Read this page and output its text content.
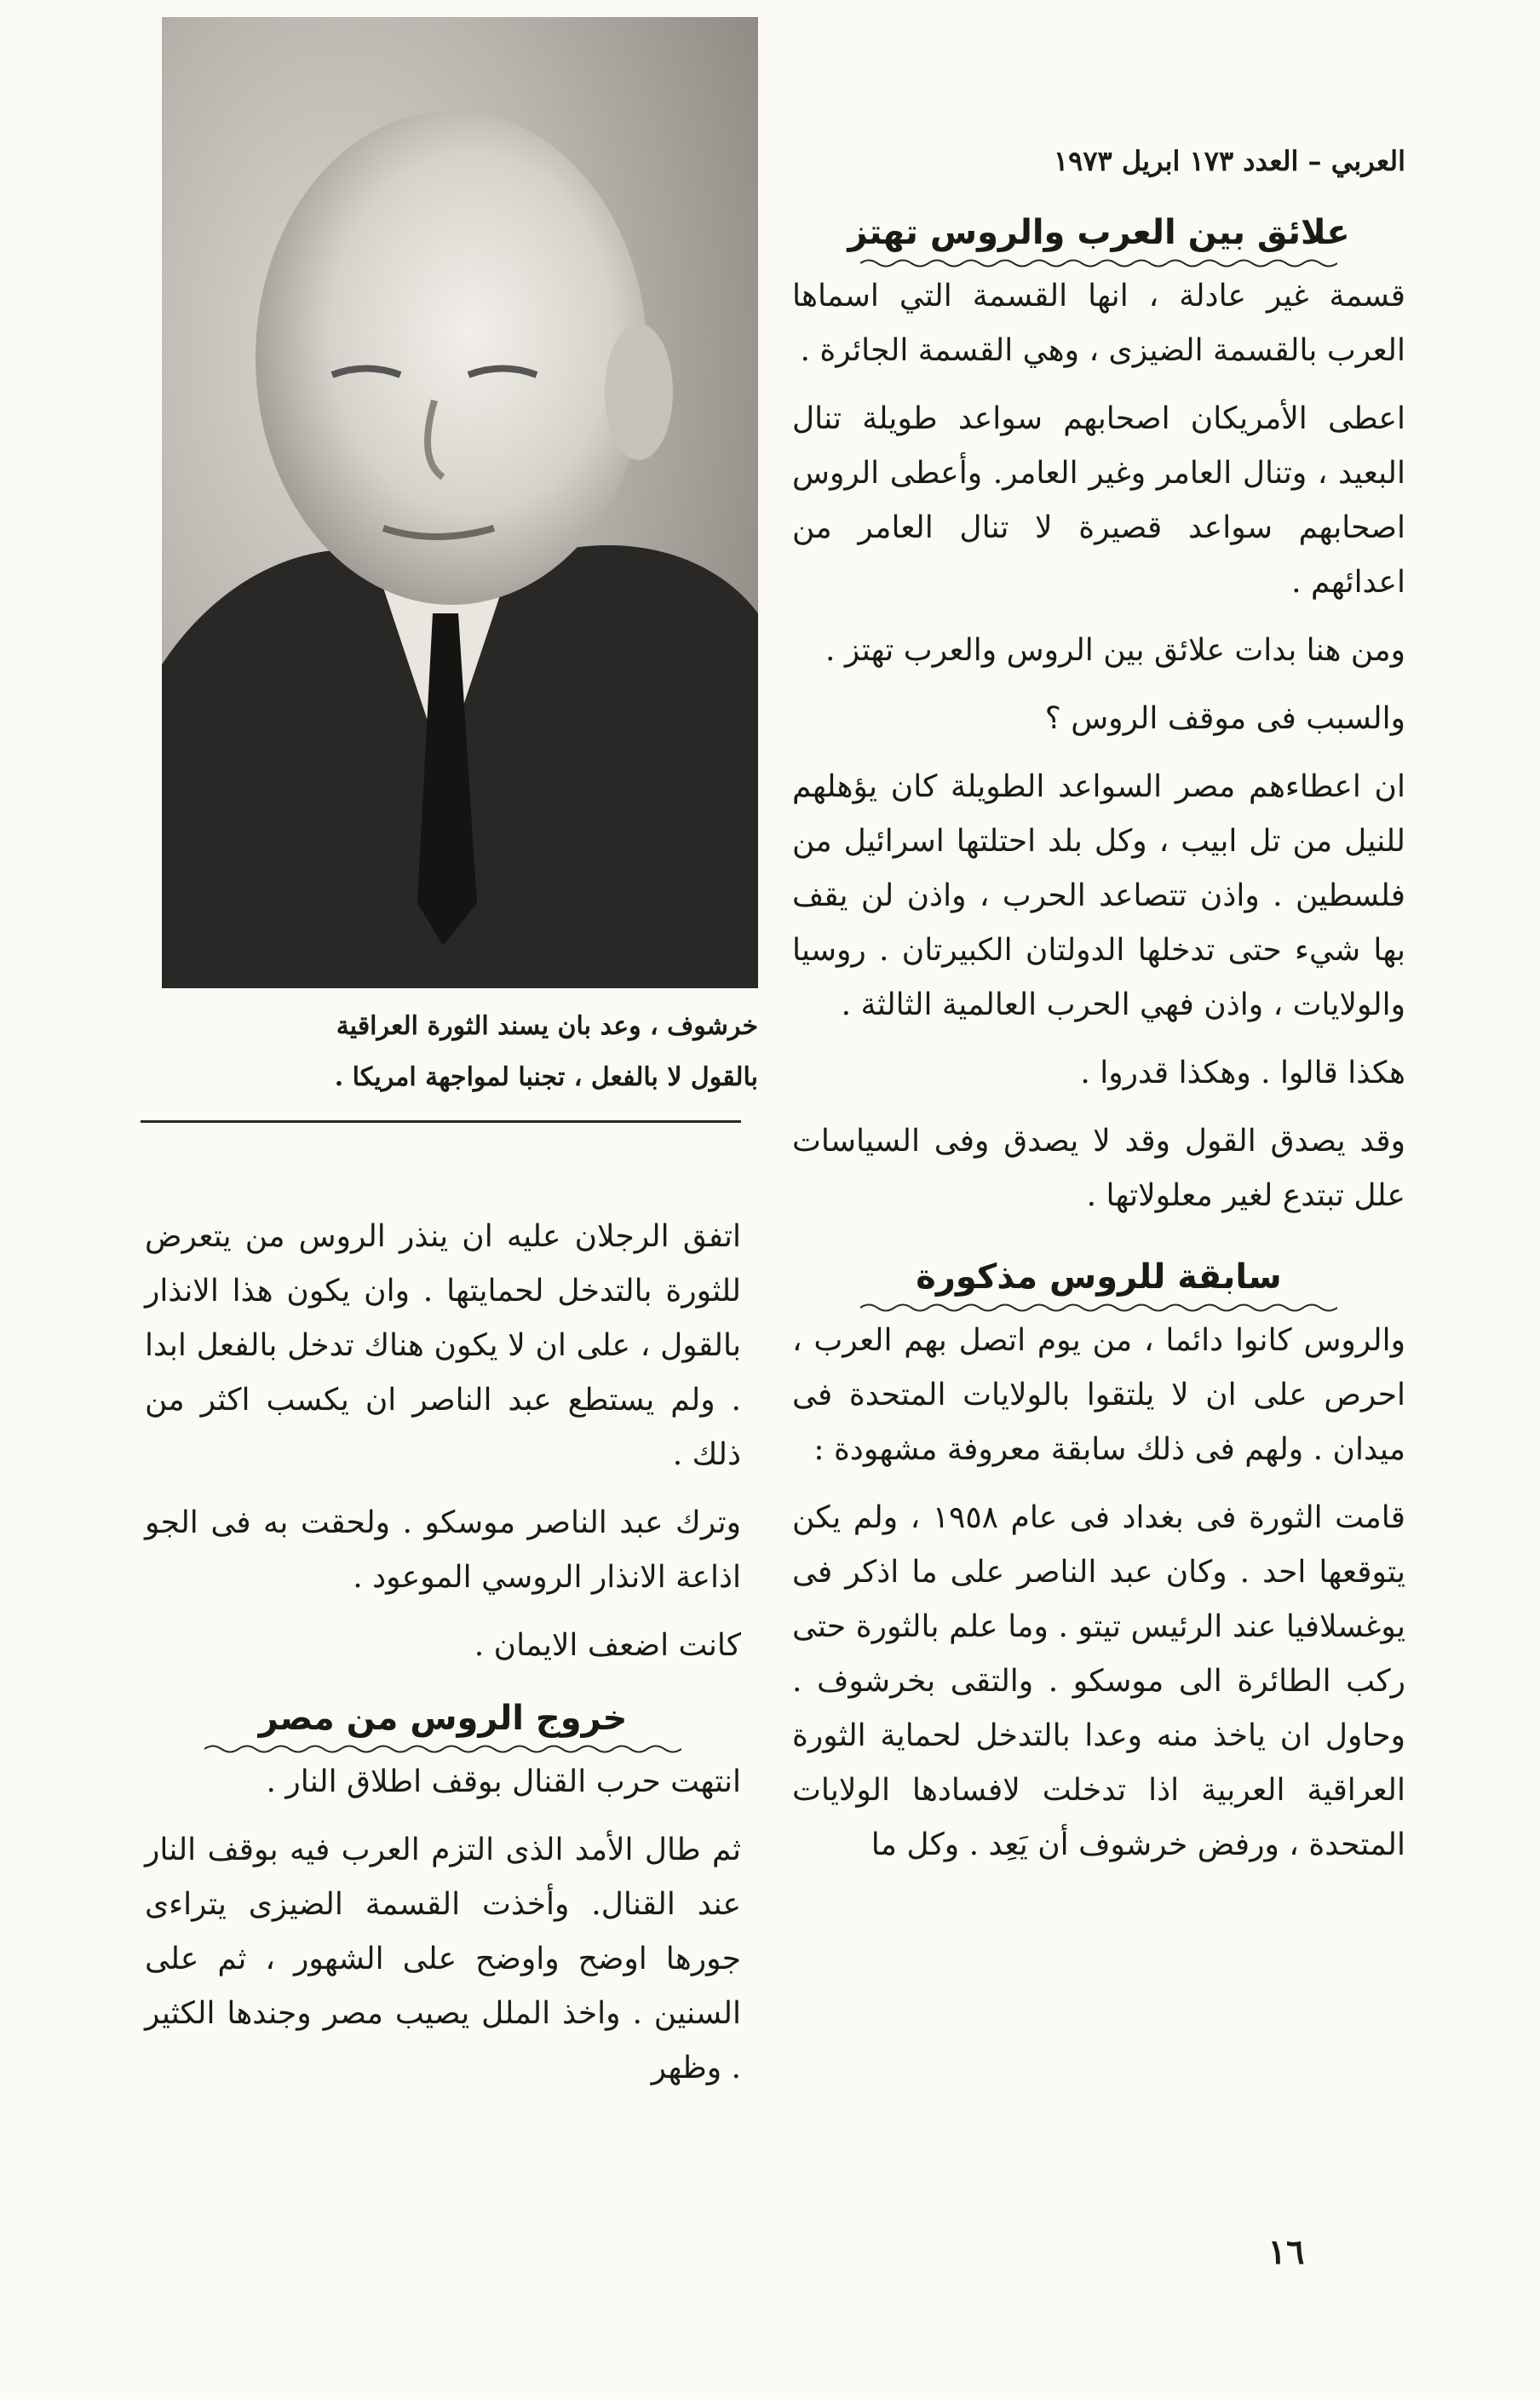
خرشوف ، وعد بان يسند الثورة العراقية
بالقول لا بالفعل ، تجنبا لمواجهة امريكا .
العربي – العدد ١٧٣ ابريل ١٩٧٣
علائق بين العرب والروس تهتز

قسمة غير عادلة ، انها القسمة التي اسماها العرب بالقسمة الضيزى ، وهي القسمة الجائرة .

اعطى الأمريكان اصحابهم سواعد طويلة تنال البعيد ، وتنال العامر وغير العامر. وأعطى الروس اصحابهم سواعد قصيرة لا تنال العامر من اعدائهم .

ومن هنا بدات علائق بين الروس والعرب تهتز .

والسبب فى موقف الروس ؟

ان اعطاءهم مصر السواعد الطويلة كان يؤهلهم للنيل من تل ابيب ، وكل بلد احتلتها اسرائيل من فلسطين . واذن تتصاعد الحرب ، واذن لن يقف بها شيء حتى تدخلها الدولتان الكبيرتان . روسيا والولايات ، واذن فهي الحرب العالمية الثالثة .

هكذا قالوا . وهكذا قدروا .

وقد يصدق القول وقد لا يصدق وفى السياسات علل تبتدع لغير معلولاتها .

سابقة للروس مذكورة

والروس كانوا دائما ، من يوم اتصل بهم العرب ، احرص على ان لا يلتقوا بالولايات المتحدة فى ميدان . ولهم فى ذلك سابقة معروفة مشهودة :

قامت الثورة فى بغداد فى عام ١٩٥٨ ، ولم يكن يتوقعها احد . وكان عبد الناصر على ما اذكر فى يوغسلافيا عند الرئيس تيتو . وما علم بالثورة حتى ركب الطائرة الى موسكو . والتقى بخرشوف . وحاول ان ياخذ منه وعدا بالتدخل لحماية الثورة العراقية العربية اذا تدخلت لافسادها الولايات المتحدة ، ورفض خرشوف أن يَعِد . وكل ما

اتفق الرجلان عليه ان ينذر الروس من يتعرض للثورة بالتدخل لحمايتها . وان يكون هذا الانذار بالقول ، على ان لا يكون هناك تدخل بالفعل ابدا . ولم يستطع عبد الناصر ان يكسب اكثر من ذلك .

وترك عبد الناصر موسكو . ولحقت به فى الجو اذاعة الانذار الروسي الموعود .

كانت اضعف الايمان .

خروج الروس من مصر

انتهت حرب القنال بوقف اطلاق النار .

ثم طال الأمد الذى التزم العرب فيه بوقف النار عند القنال. وأخذت القسمة الضيزى يتراءى جورها اوضح واوضح على الشهور ، ثم على السنين . واخذ الملل يصيب مصر وجندها الكثير . وظهر

١٦
